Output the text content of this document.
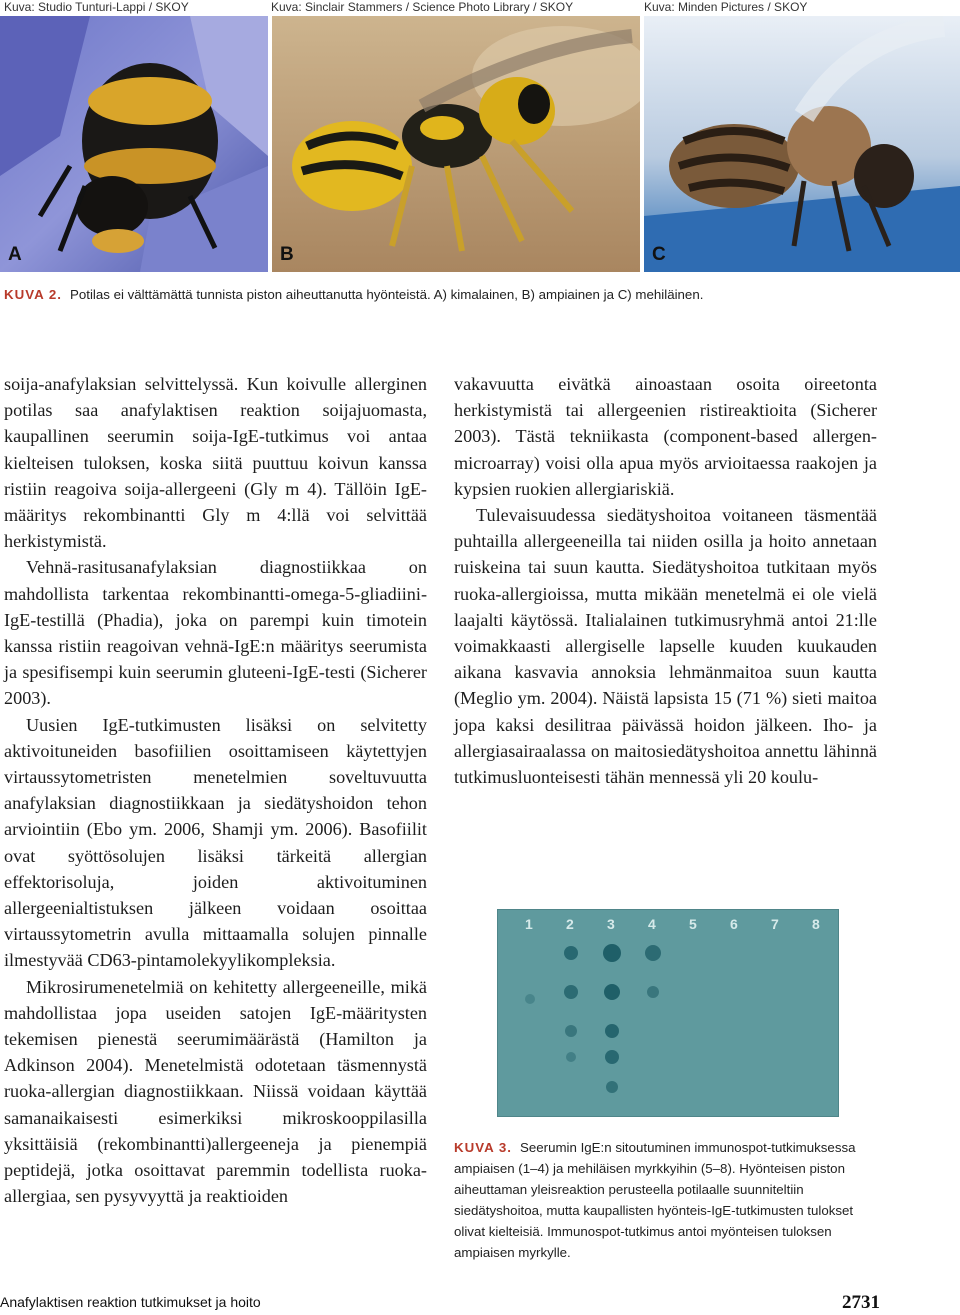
Kuva: Studio Tunturi-Lappi / SKOY	Kuva: Sinclair Stammers / Science Photo Library / SKOY	Kuva: Minden Pictures / SKOY
A	B	C
KUVA 2. Potilas ei välttämättä tunnista piston aiheuttanutta hyönteistä. A) kimalainen, B) ampiainen ja C) mehiläinen.

soija-anafylaksian selvittelyssä. Kun koivulle allerginen potilas saa anafylaktisen reaktion soijajuomasta, kaupallinen seerumin soija-IgE-tutkimus voi antaa kielteisen tuloksen, koska siitä puuttuu koivun kanssa ristiin reagoiva soija-allergeeni (Gly m 4). Tällöin IgE-määritys rekombinantti Gly m 4:llä voi selvittää herkistymistä.

Vehnä-rasitusanafylaksian diagnostiikkaa on mahdollista tarkentaa rekombinantti-omega-5-gliadiini-IgE-testillä (Phadia), joka on parempi kuin timotein kanssa ristiin reagoivan vehnä-IgE:n määritys seerumista ja spesifisempi kuin seerumin gluteeni-IgE-testi (Sicherer 2003).

Uusien IgE-tutkimusten lisäksi on selvitetty aktivoituneiden basofiilien osoittamiseen käytettyjen virtaussytometristen menetelmien soveltuvuutta anafylaksian diagnostiikkaan ja siedätyshoidon tehon arviointiin (Ebo ym. 2006, Shamji ym. 2006). Basofiilit ovat syöttösolujen lisäksi tärkeitä allergian effektorisoluja, joiden aktivoituminen allergeenialtistuksen jälkeen voidaan osoittaa virtaussytometrin avulla mittaamalla solujen pinnalle ilmestyvää CD63-pintamolekyylikompleksia.

Mikrosirumenetelmiä on kehitetty allergeeneille, mikä mahdollistaa jopa useiden satojen IgE-määritysten tekemisen pienestä seerumimäärästä (Hamilton ja Adkinson 2004). Menetelmistä odotetaan täsmennystä ruoka-allergian diagnostiikkaan. Niissä voidaan käyttää samanaikaisesti esimerkiksi mikroskooppilasilla yksittäisiä (rekombinantti)allergeeneja ja pienempiä peptidejä, jotka osoittavat paremmin todellista ruoka-allergiaa, sen pysyvyyttä ja reaktioiden

vakavuutta eivätkä ainoastaan osoita oireetonta herkistymistä tai allergeenien ristireaktioita (Sicherer 2003). Tästä tekniikasta (component-based allergen-microarray) voisi olla apua myös arvioitaessa raakojen ja kypsien ruokien allergiariskiä.

Tulevaisuudessa siedätyshoitoa voitaneen täsmentää puhtailla allergeeneilla tai niiden osilla ja hoito annetaan ruiskeina tai suun kautta. Siedätyshoitoa tutkitaan myös ruoka-allergioissa, mutta mikään menetelmä ei ole vielä laajalti käytössä. Italialainen tutkimusryhmä antoi 21:lle voimakkaasti allergiselle lapselle kuuden kuukauden aikana kasvavia annoksia lehmänmaitoa suun kautta (Meglio ym. 2004). Näistä lapsista 15 (71 %) sieti maitoa jopa kaksi desilitraa päivässä hoidon jälkeen. Iho- ja allergiasairaalassa on maitosiedätyshoitoa annettu lähinnä tutkimusluonteisesti tähän mennessä yli 20 koulu-

1 2 3 4 5 6 7 8
KUVA 3. Seerumin IgE:n sitoutuminen immunospot-tutkimuksessa ampiaisen (1–4) ja mehiläisen myrkkyihin (5–8). Hyönteisen piston aiheuttaman yleisreaktion perusteella potilaalle suunniteltiin siedätyshoitoa, mutta kaupallisten hyönteis-IgE-tutkimusten tulokset olivat kielteisiä. Immunospot-tutkimus antoi myönteisen tuloksen ampiaisen myrkylle.
Anafylaktisen reaktion tutkimukset ja hoito	2731
